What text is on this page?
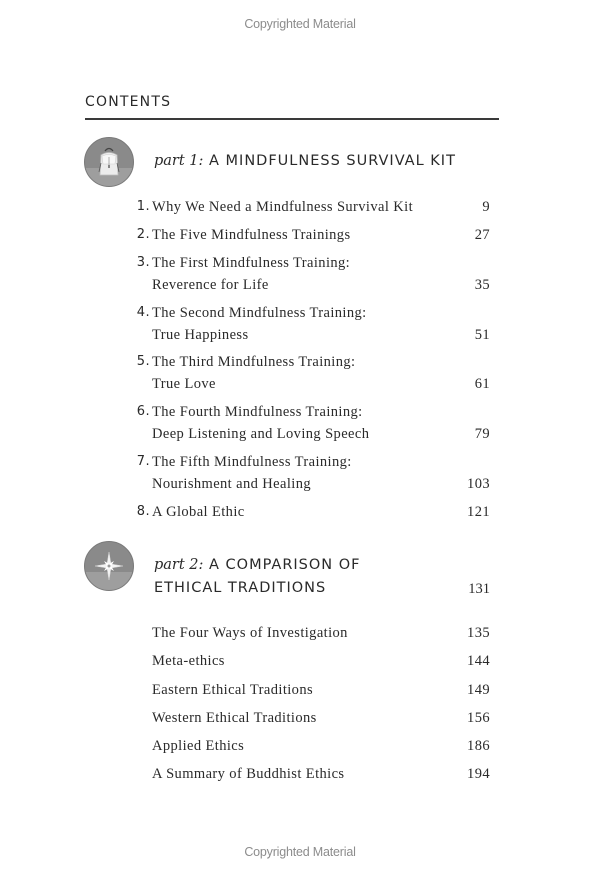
Copyrighted Material
CONTENTS
part 1: A MINDFULNESS SURVIVAL KIT
1. Why We Need a Mindfulness Survival Kit	9
2. The Five Mindfulness Trainings	27
3. The First Mindfulness Training:
Reverence for Life	35
4. The Second Mindfulness Training:
True Happiness	51
5. The Third Mindfulness Training:
True Love	61
6. The Fourth Mindfulness Training:
Deep Listening and Loving Speech	79
7. The Fifth Mindfulness Training:
Nourishment and Healing	103
8. A Global Ethic	121
part 2: A COMPARISON OF
ETHICAL TRADITIONS	131
The Four Ways of Investigation	135
Meta-ethics	144
Eastern Ethical Traditions	149
Western Ethical Traditions	156
Applied Ethics	186
A Summary of Buddhist Ethics	194
Copyrighted Material
